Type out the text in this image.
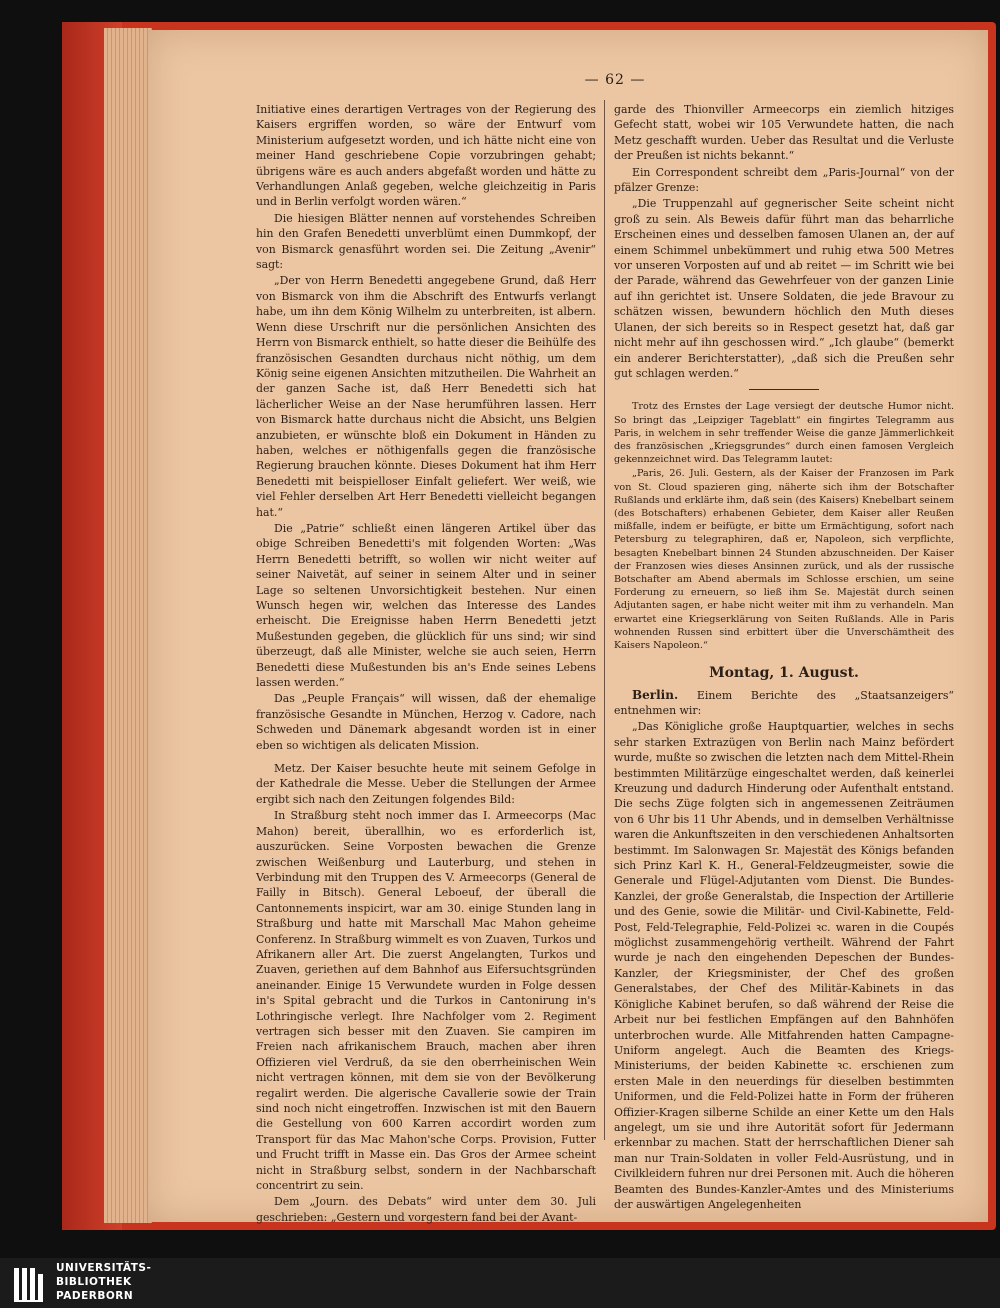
— 62 —

Initiative eines derartigen Vertrages von der Regierung des Kaisers ergriffen worden, so wäre der Entwurf vom Ministerium aufgesetzt worden, und ich hätte nicht eine von meiner Hand geschriebene Copie vorzubringen gehabt; übrigens wäre es auch anders abgefaßt worden und hätte zu Verhandlungen Anlaß gegeben, welche gleichzeitig in Paris und in Berlin verfolgt worden wären.“

Die hiesigen Blätter nennen auf vorstehendes Schreiben hin den Grafen Benedetti unverblümt einen Dummkopf, der von Bismarck genasführt worden sei. Die Zeitung „Avenir“ sagt:

„Der von Herrn Benedetti angegebene Grund, daß Herr von Bismarck von ihm die Abschrift des Entwurfs verlangt habe, um ihn dem König Wilhelm zu unterbreiten, ist albern. Wenn diese Urschrift nur die persönlichen Ansichten des Herrn von Bismarck enthielt, so hatte dieser die Beihülfe des französischen Gesandten durchaus nicht nöthig, um dem König seine eigenen Ansichten mitzutheilen. Die Wahrheit an der ganzen Sache ist, daß Herr Benedetti sich hat lächerlicher Weise an der Nase herumführen lassen. Herr von Bismarck hatte durchaus nicht die Absicht, uns Belgien anzubieten, er wünschte bloß ein Dokument in Händen zu haben, welches er nöthigenfalls gegen die französische Regierung brauchen könnte. Dieses Dokument hat ihm Herr Benedetti mit beispielloser Einfalt geliefert. Wer weiß, wie viel Fehler derselben Art Herr Benedetti vielleicht begangen hat.“

Die „Patrie“ schließt einen längeren Artikel über das obige Schreiben Benedetti's mit folgenden Worten: „Was Herrn Benedetti betrifft, so wollen wir nicht weiter auf seiner Naivetät, auf seiner in seinem Alter und in seiner Lage so seltenen Unvorsichtigkeit bestehen. Nur einen Wunsch hegen wir, welchen das Interesse des Landes erheischt. Die Ereignisse haben Herrn Benedetti jetzt Mußestunden gegeben, die glücklich für uns sind; wir sind überzeugt, daß alle Minister, welche sie auch seien, Herrn Benedetti diese Mußestunden bis an's Ende seines Lebens lassen werden.“

Das „Peuple Français“ will wissen, daß der ehemalige französische Gesandte in München, Herzog v. Cadore, nach Schweden und Dänemark abgesandt worden ist in einer eben so wichtigen als delicaten Mission.

Metz. Der Kaiser besuchte heute mit seinem Gefolge in der Kathedrale die Messe. Ueber die Stellungen der Armee ergibt sich nach den Zeitungen folgendes Bild:

In Straßburg steht noch immer das I. Armeecorps (Mac Mahon) bereit, überallhin, wo es erforderlich ist, auszurücken. Seine Vorposten bewachen die Grenze zwischen Weißenburg und Lauterburg, und stehen in Verbindung mit den Truppen des V. Armeecorps (General de Failly in Bitsch). General Leboeuf, der überall die Cantonnements inspicirt, war am 30. einige Stunden lang in Straßburg und hatte mit Marschall Mac Mahon geheime Conferenz. In Straßburg wimmelt es von Zuaven, Turkos und Afrikanern aller Art. Die zuerst Angelangten, Turkos und Zuaven, geriethen auf dem Bahnhof aus Eifersuchtsgründen aneinander. Einige 15 Verwundete wurden in Folge dessen in's Spital gebracht und die Turkos in Cantonirung in's Lothringische verlegt. Ihre Nachfolger vom 2. Regiment vertragen sich besser mit den Zuaven. Sie campiren im Freien nach afrikanischem Brauch, machen aber ihren Offizieren viel Verdruß, da sie den oberrheinischen Wein nicht vertragen können, mit dem sie von der Bevölkerung regalirt werden. Die algerische Cavallerie sowie der Train sind noch nicht eingetroffen. Inzwischen ist mit den Bauern die Gestellung von 600 Karren accordirt worden zum Transport für das Mac Mahon'sche Corps. Provision, Futter und Frucht trifft in Masse ein. Das Gros der Armee scheint nicht in Straßburg selbst, sondern in der Nachbarschaft concentrirt zu sein.

Dem „Journ. des Debats“ wird unter dem 30. Juli geschrieben: „Gestern und vorgestern fand bei der Avant-

garde des Thionviller Armeecorps ein ziemlich hitziges Gefecht statt, wobei wir 105 Verwundete hatten, die nach Metz geschafft wurden. Ueber das Resultat und die Verluste der Preußen ist nichts bekannt.“

Ein Correspondent schreibt dem „Paris-Journal“ von der pfälzer Grenze:

„Die Truppenzahl auf gegnerischer Seite scheint nicht groß zu sein. Als Beweis dafür führt man das beharrliche Erscheinen eines und desselben famosen Ulanen an, der auf einem Schimmel unbekümmert und ruhig etwa 500 Metres vor unseren Vorposten auf und ab reitet — im Schritt wie bei der Parade, während das Gewehrfeuer von der ganzen Linie auf ihn gerichtet ist. Unsere Soldaten, die jede Bravour zu schätzen wissen, bewundern höchlich den Muth dieses Ulanen, der sich bereits so in Respect gesetzt hat, daß gar nicht mehr auf ihn geschossen wird.“ „Ich glaube“ (bemerkt ein anderer Berichterstatter), „daß sich die Preußen sehr gut schlagen werden.“

Trotz des Ernstes der Lage versiegt der deutsche Humor nicht. So bringt das „Leipziger Tageblatt“ ein fingirtes Telegramm aus Paris, in welchem in sehr treffender Weise die ganze Jämmerlichkeit des französischen „Kriegsgrundes“ durch einen famosen Vergleich gekennzeichnet wird. Das Telegramm lautet:

„Paris, 26. Juli. Gestern, als der Kaiser der Franzosen im Park von St. Cloud spazieren ging, näherte sich ihm der Botschafter Rußlands und erklärte ihm, daß sein (des Kaisers) Knebelbart seinem (des Botschafters) erhabenen Gebieter, dem Kaiser aller Reußen mißfalle, indem er beifügte, er bitte um Ermächtigung, sofort nach Petersburg zu telegraphiren, daß er, Napoleon, sich verpflichte, besagten Knebelbart binnen 24 Stunden abzuschneiden. Der Kaiser der Franzosen wies dieses Ansinnen zurück, und als der russische Botschafter am Abend abermals im Schlosse erschien, um seine Forderung zu erneuern, so ließ ihm Se. Majestät durch seinen Adjutanten sagen, er habe nicht weiter mit ihm zu verhandeln. Man erwartet eine Kriegserklärung von Seiten Rußlands. Alle in Paris wohnenden Russen sind erbittert über die Unverschämtheit des Kaisers Napoleon.“

Montag, 1. August.

Berlin. Einem Berichte des „Staatsanzeigers“ entnehmen wir:

„Das Königliche große Hauptquartier, welches in sechs sehr starken Extrazügen von Berlin nach Mainz befördert wurde, mußte so zwischen die letzten nach dem Mittel-Rhein bestimmten Militärzüge eingeschaltet werden, daß keinerlei Kreuzung und dadurch Hinderung oder Aufenthalt entstand. Die sechs Züge folgten sich in angemessenen Zeiträumen von 6 Uhr bis 11 Uhr Abends, und in demselben Verhältnisse waren die Ankunftszeiten in den verschiedenen Anhaltsorten bestimmt. Im Salonwagen Sr. Majestät des Königs befanden sich Prinz Karl K. H., General-Feldzeugmeister, sowie die Generale und Flügel-Adjutanten vom Dienst. Die Bundes-Kanzlei, der große Generalstab, die Inspection der Artillerie und des Genie, sowie die Militär- und Civil-Kabinette, Feld-Post, Feld-Telegraphie, Feld-Polizei ꝛc. waren in die Coupés möglichst zusammengehörig vertheilt. Während der Fahrt wurde je nach den eingehenden Depeschen der Bundes-Kanzler, der Kriegsminister, der Chef des großen Generalstabes, der Chef des Militär-Kabinets in das Königliche Kabinet berufen, so daß während der Reise die Arbeit nur bei festlichen Empfängen auf den Bahnhöfen unterbrochen wurde. Alle Mitfahrenden hatten Campagne-Uniform angelegt. Auch die Beamten des Kriegs-Ministeriums, der beiden Kabinette ꝛc. erschienen zum ersten Male in den neuerdings für dieselben bestimmten Uniformen, und die Feld-Polizei hatte in Form der früheren Offizier-Kragen silberne Schilde an einer Kette um den Hals angelegt, um sie und ihre Autorität sofort für Jedermann erkennbar zu machen. Statt der herrschaftlichen Diener sah man nur Train-Soldaten in voller Feld-Ausrüstung, und in Civilkleidern fuhren nur drei Personen mit. Auch die höheren Beamten des Bundes-Kanzler-Amtes und des Ministeriums der auswärtigen Angelegenheiten

UNIVERSITÄTS-
BIBLIOTHEK
PADERBORN
